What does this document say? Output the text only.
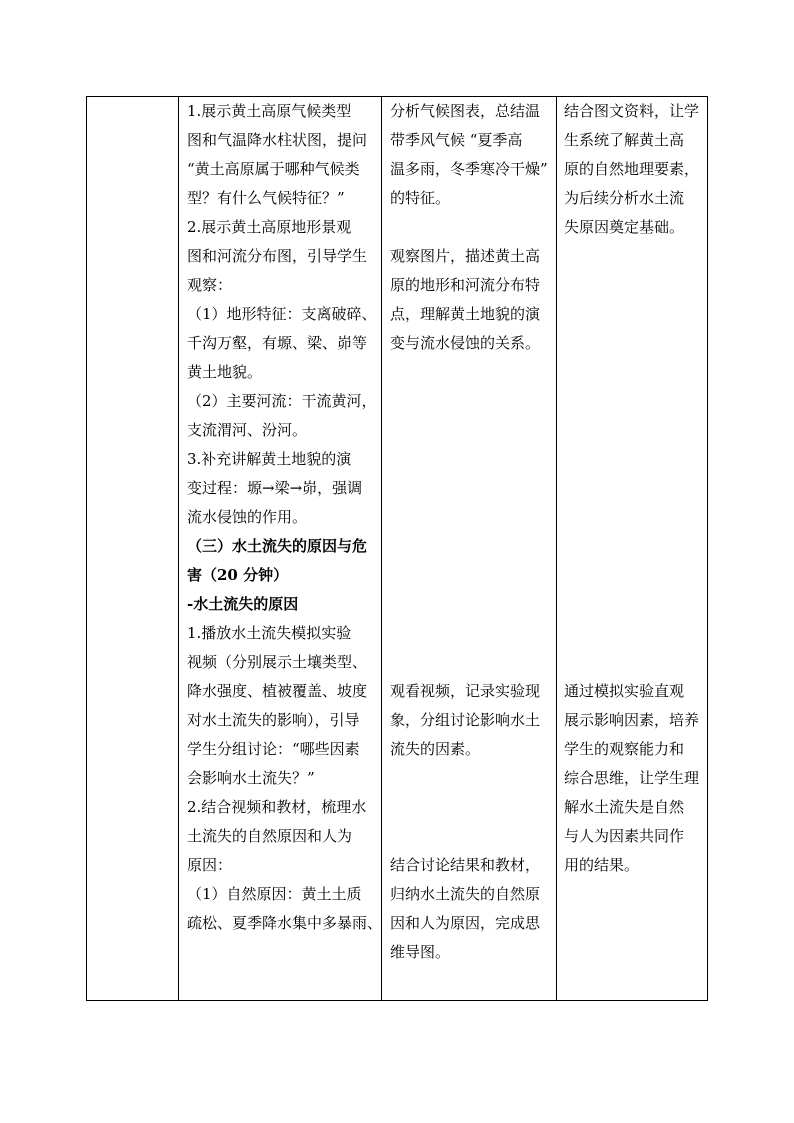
1.展示黄土高原气候类型
图和气温降水柱状图，提问
“黄土高原属于哪种气候类
型？有什么气候特征？”
2.展示黄土高原地形景观
图和河流分布图，引导学生
观察：
（1）地形特征：支离破碎、
千沟万壑，有塬、梁、峁等
黄土地貌。
（2）主要河流：干流黄河，
支流渭河、汾河。
3.补充讲解黄土地貌的演
变过程：塬→梁→峁，强调
流水侵蚀的作用。
（三）水土流失的原因与危
害（20 分钟）
-水土流失的原因
1.播放水土流失模拟实验
视频（分别展示土壤类型、
降水强度、植被覆盖、坡度
对水土流失的影响），引导
学生分组讨论：“哪些因素
会影响水土流失？”
2.结合视频和教材，梳理水
土流失的自然原因和人为
原因：
（1）自然原因：黄土土质
疏松、夏季降水集中多暴雨、
分析气候图表，总结温
带季风气候 “夏季高
温多雨，冬季寒冷干燥”
的特征。
观察图片，描述黄土高
原的地形和河流分布特
点，理解黄土地貌的演
变与流水侵蚀的关系。
观看视频，记录实验现
象，分组讨论影响水土
流失的因素。
结合讨论结果和教材，
归纳水土流失的自然原
因和人为原因，完成思
维导图。
结合图文资料，让学
生系统了解黄土高
原的自然地理要素，
为后续分析水土流
失原因奠定基础。
通过模拟实验直观
展示影响因素，培养
学生的观察能力和
综合思维，让学生理
解水土流失是自然
与人为因素共同作
用的结果。
